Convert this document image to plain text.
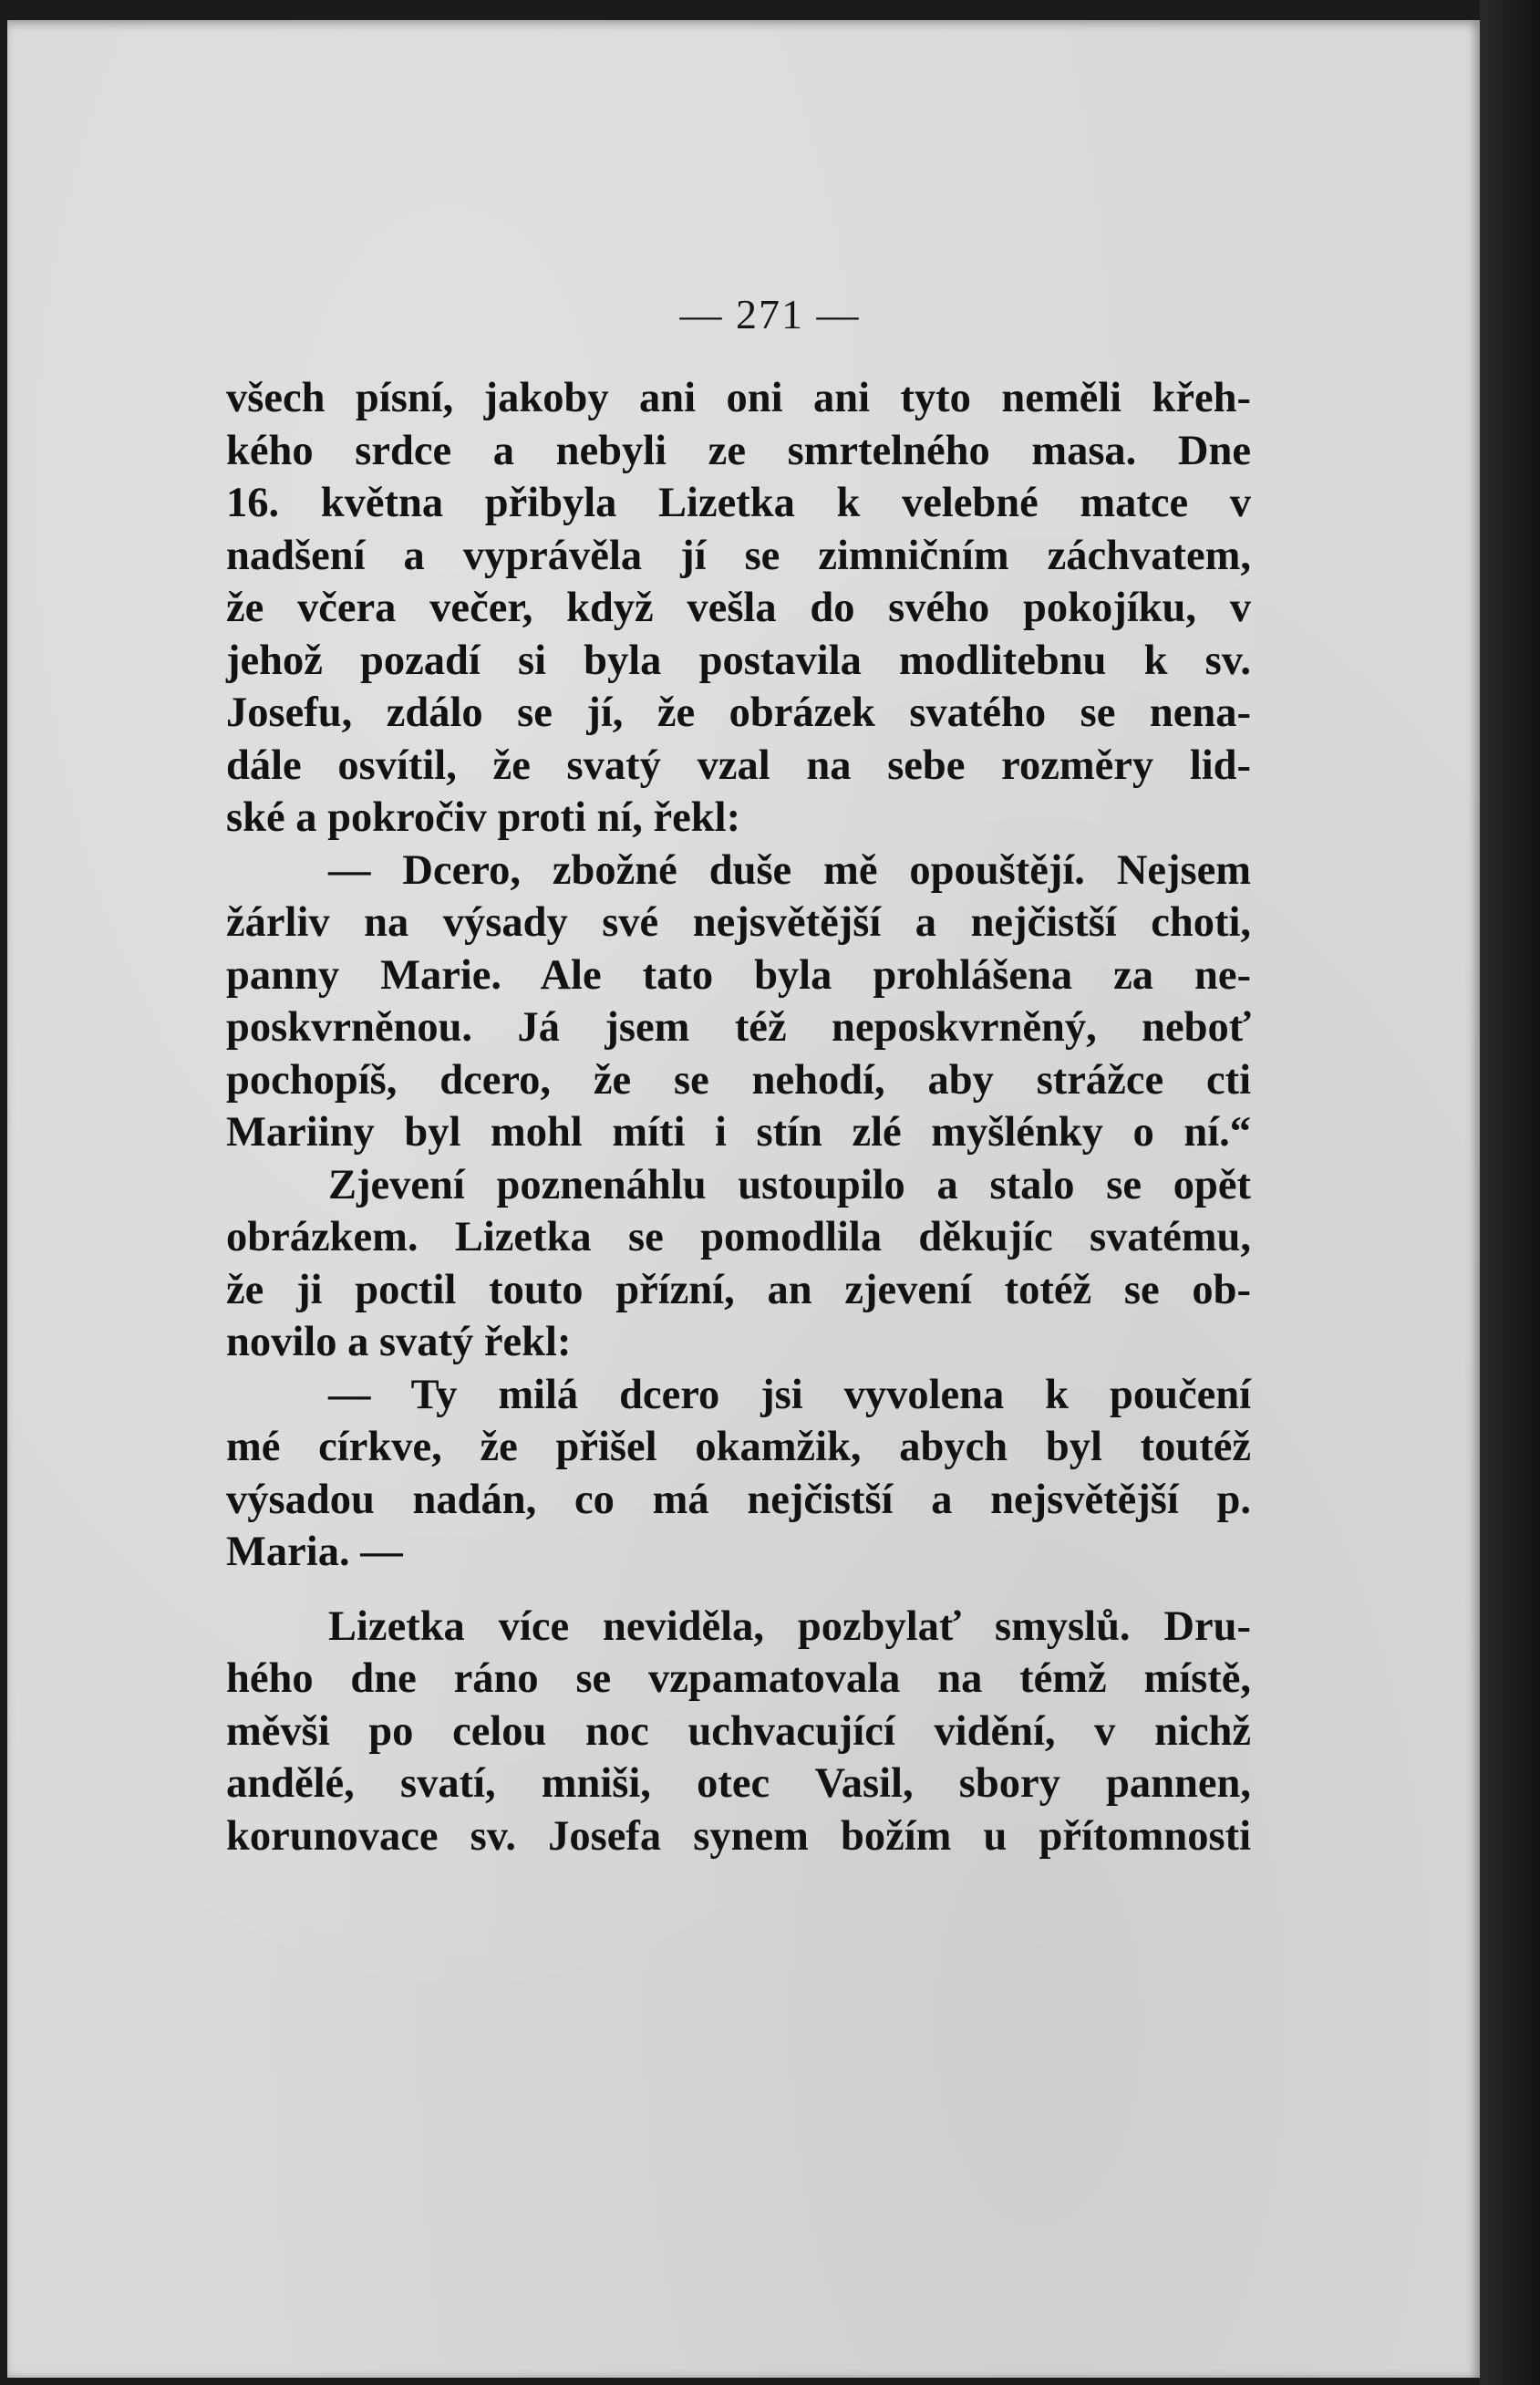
— 271 —
všech písní, jakoby ani oni ani tyto neměli křeh-
kého srdce a nebyli ze smrtelného masa. Dne
16. května přibyla Lizetka k velebné matce v
nadšení a vyprávěla jí se zimničním záchvatem,
že včera večer, když vešla do svého pokojíku, v
jehož pozadí si byla postavila modlitebnu k sv.
Josefu, zdálo se jí, že obrázek svatého se nena-
dále osvítil, že svatý vzal na sebe rozměry lid-
ské a pokročiv proti ní, řekl:
— Dcero, zbožné duše mě opouštějí. Nejsem
žárliv na výsady své nejsvětější a nejčistší choti,
panny Marie. Ale tato byla prohlášena za ne-
poskvrněnou. Já jsem též neposkvrněný, neboť
pochopíš, dcero, že se nehodí, aby strážce cti
Mariiny byl mohl míti i stín zlé myšlénky o ní.“
Zjevení poznenáhlu ustoupilo a stalo se opět
obrázkem. Lizetka se pomodlila děkujíc svatému,
že ji poctil touto přízní, an zjevení totéž se ob-
novilo a svatý řekl:
— Ty milá dcero jsi vyvolena k poučení
mé církve, že přišel okamžik, abych byl toutéž
výsadou nadán, co má nejčistší a nejsvětější p.
Maria. —
Lizetka více neviděla, pozbylať smyslů. Dru-
hého dne ráno se vzpamatovala na témž místě,
měvši po celou noc uchvacující vidění, v nichž
andělé, svatí, mniši, otec Vasil, sbory pannen,
korunovace sv. Josefa synem božím u přítomnosti
